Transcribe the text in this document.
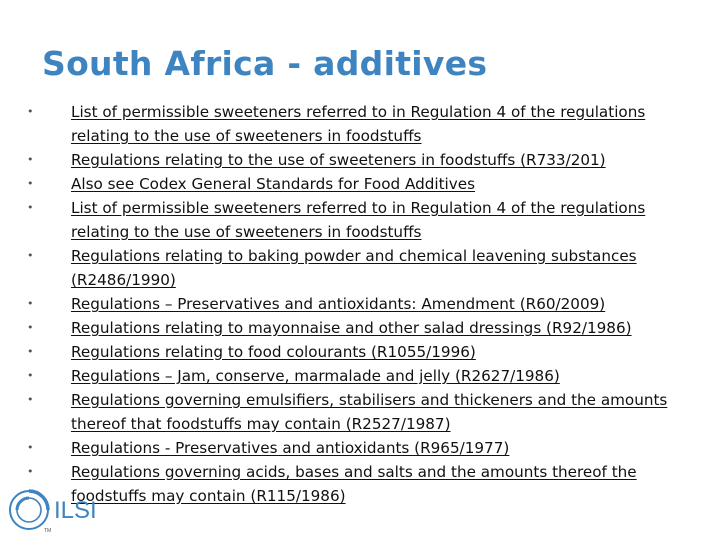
South Africa - additives
• List of permissible sweeteners referred to in Regulation 4 of the regulations relating to the use of sweeteners in foodstuffs
• Regulations relating to the use of sweeteners in foodstuffs (R733/201)
• Also see Codex General Standards for Food Additives
• List of permissible sweeteners referred to in Regulation 4 of the regulations relating to the use of sweeteners in foodstuffs
• Regulations relating to baking powder and chemical leavening substances (R2486/1990)
• Regulations – Preservatives and antioxidants: Amendment (R60/2009)
• Regulations relating to mayonnaise and other salad dressings (R92/1986)
• Regulations relating to food colourants (R1055/1996)
• Regulations – Jam, conserve, marmalade and jelly (R2627/1986)
• Regulations governing emulsifiers, stabilisers and thickeners and the amounts thereof that foodstuffs may contain (R2527/1987)
• Regulations - Preservatives and antioxidants (R965/1977)
• Regulations governing acids, bases and salts and the amounts thereof the foodstuffs may contain (R115/1986)
ILSI
TM
